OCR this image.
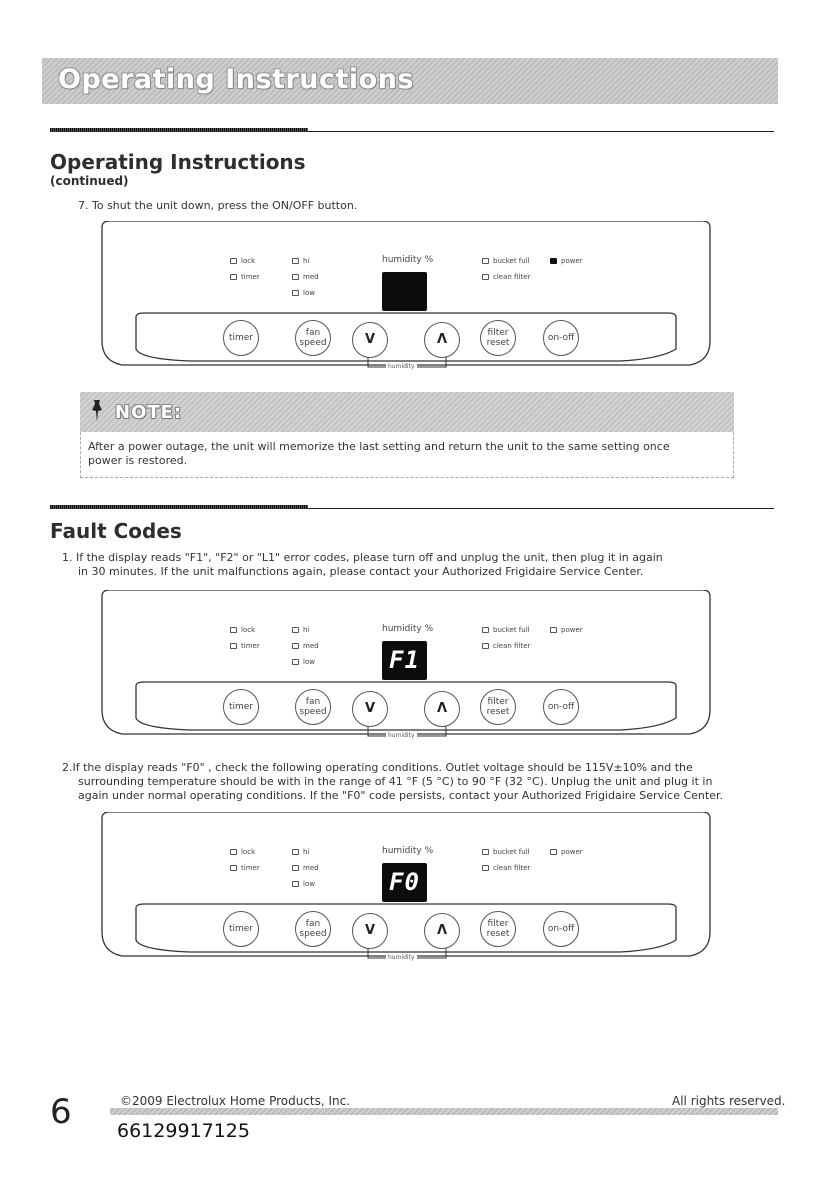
Operating Instructions
Operating Instructions
(continued)
7. To shut the unit down, press the ON/OFF button.
lock
timer
hi
med
low
humidity %	bucket full
clean filter
power
timer	fan
speed	V	Λ	filter
reset	on-off
humidity
lock
timer
hi
med
low
humidity %
F1
bucket full
clean filter
power
timer	fan
speed	V	Λ	filter
reset	on-off
humidity
lock
timer
hi
med
low
humidity %
F0
bucket full
clean filter
power
timer	fan
speed	V	Λ	filter
reset	on-off
humidity
NOTE:
After a power outage, the unit will memorize the last setting and return the unit to the same setting once
power is restored.
Fault Codes
1. If the display reads "F1", "F2" or "L1" error codes, please turn off and unplug the unit, then plug it in again
in 30 minutes. If the unit malfunctions again, please contact your Authorized Frigidaire Service Center.
2.If the display reads "F0" , check the following operating conditions. Outlet voltage should be 115V±10% and the
surrounding temperature should be with in the range of 41 °F (5 °C) to 90 °F (32 °C). Unplug the unit and plug it in
again under normal operating conditions. If the "F0" code persists, contact your Authorized Frigidaire Service Center.
6	©2009 Electrolux Home Products, Inc.	All rights reserved.
66129917125
